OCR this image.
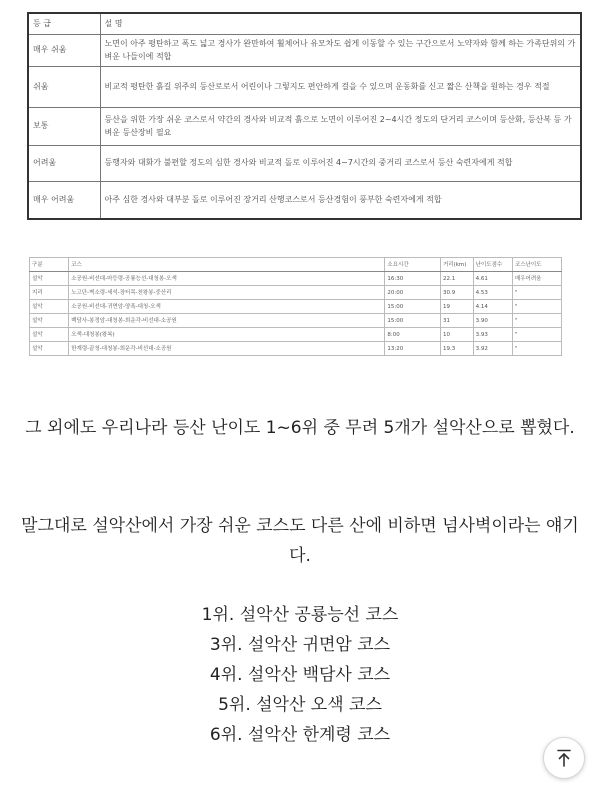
등 급	설 명
매우 쉬움	노면이 아주 평탄하고 폭도 넓고 경사가 완만하여 휠체어나 유모차도 쉽게 이동할 수 있는 구간으로서 노약자와 함께 하는 가족단위의 가벼운 나들이에 적합
쉬움	비교적 평탄한 흙길 위주의 등산로로서 어린이나 그렇지도 편안하게 걸을 수 있으며 운동화를 신고 짧은 산책을 원하는 경우 적절
보통	등산을 위한 가장 쉬운 코스로서 약간의 경사와 비교적 흙으로 노면이 이루어진 2~4시간 정도의 단거리 코스이며 등산화, 등산복 등 가벼운 등산장비 필요
어려움	등행자와 대화가 불편할 정도의 심한 경사와 비교적 돌로 이루어진 4~7시간의 중거리 코스로서 등산 숙련자에게 적합
매우 어려움	아주 심한 경사와 대부분 돌로 이루어진 장거리 산행코스로서 등산경험이 풍부한 숙련자에게 적합
구분	코스	소요시간	거리(km)	난이도점수	코스난이도
설악	소공원-비선대-마등령-공룡능선-대청봉-오색	16:30	22.1	4.61	매우어려움
지리	노고단-벽소령-세석-장터목-천왕봉-중산리	20:00	30.9	4.53	"
설악	소공원-비선대-귀면암-양폭-대청-오색	15:00	19	4.14	"
설악	백담사-봉정암-대청봉-희운각-비선대-소공원	15:00	31	3.90	"
설악	오색-대청봉(왕복)	8:00	10	3.93	"
설악	한계령-끝청-대청봉-희운각-비선대-소공원	13:20	19.3	3.92	"

그 외에도 우리나라 등산 난이도 1~6위 중 무려 5개가 설악산으로 뽑혔다.

말그대로 설악산에서 가장 쉬운 코스도 다른 산에 비하면 넘사벽이라는 얘기다.

1위. 설악산 공룡능선 코스
3위. 설악산 귀면암 코스
4위. 설악산 백담사 코스
5위. 설악산 오색 코스
6위. 설악산 한계령 코스
